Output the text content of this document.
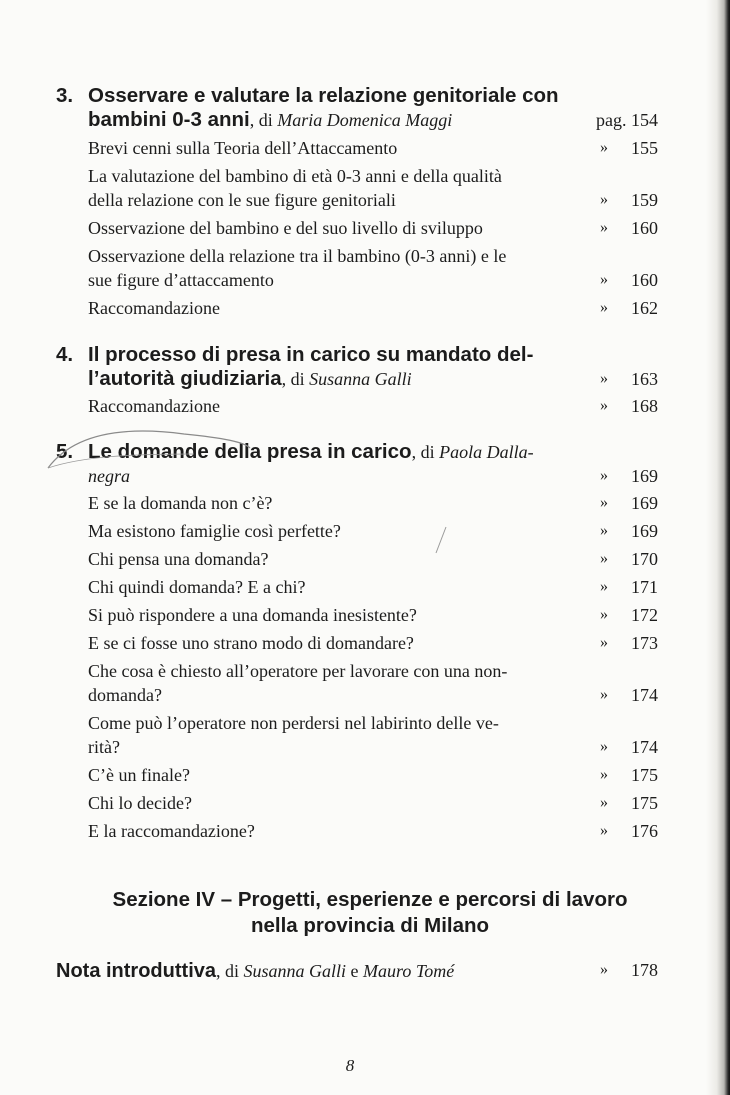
3. Osservare e valutare la relazione genitoriale con
bambini 0-3 anni, di Maria Domenica Maggi	pag. 154
Brevi cenni sulla Teoria dell’Attaccamento	» 155
La valutazione del bambino di età 0-3 anni e della qualità
della relazione con le sue figure genitoriali	» 159
Osservazione del bambino e del suo livello di sviluppo	» 160
Osservazione della relazione tra il bambino (0-3 anni) e le
sue figure d’attaccamento	» 160
Raccomandazione	» 162
4. Il processo di presa in carico su mandato del-
l’autorità giudiziaria, di Susanna Galli	» 163
Raccomandazione	» 168
5. Le domande della presa in carico, di Paola Dalla-
negra	» 169
E se la domanda non c’è?	» 169
Ma esistono famiglie così perfette?	» 169
Chi pensa una domanda?	» 170
Chi quindi domanda? E a chi?	» 171
Si può rispondere a una domanda inesistente?	» 172
E se ci fosse uno strano modo di domandare?	» 173
Che cosa è chiesto all’operatore per lavorare con una non-
domanda?	» 174
Come può l’operatore non perdersi nel labirinto delle ve-
rità?	» 174
C’è un finale?	» 175
Chi lo decide?	» 175
E la raccomandazione?	» 176
Sezione IV – Progetti, esperienze e percorsi di lavoro
nella provincia di Milano
Nota introduttiva, di Susanna Galli e Mauro Tomé	» 178
8
